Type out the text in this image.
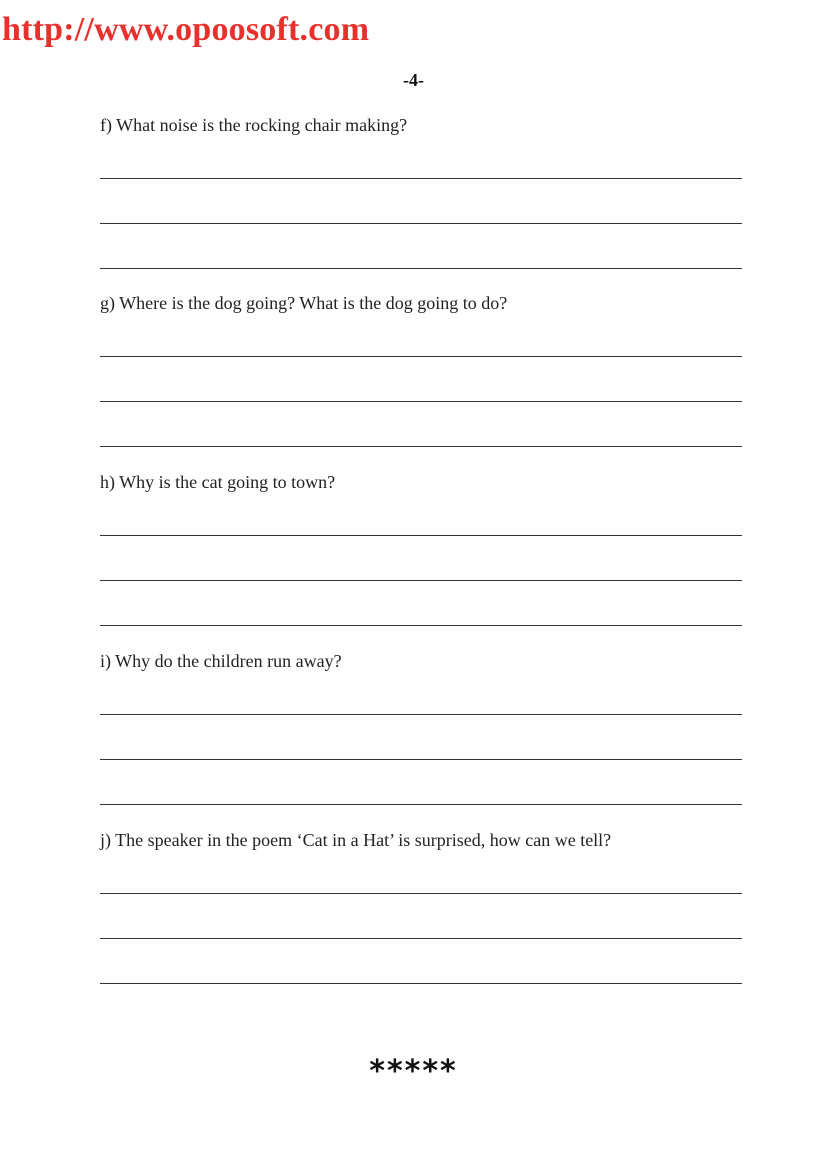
http://www.opoosoft.com
-4-
f) What noise is the rocking chair making?
g) Where is the dog going? What is the dog going to do?
h) Why is the cat going to town?
i) Why do the children run away?
j) The speaker in the poem ‘Cat in a Hat’ is surprised, how can we tell?
*****
